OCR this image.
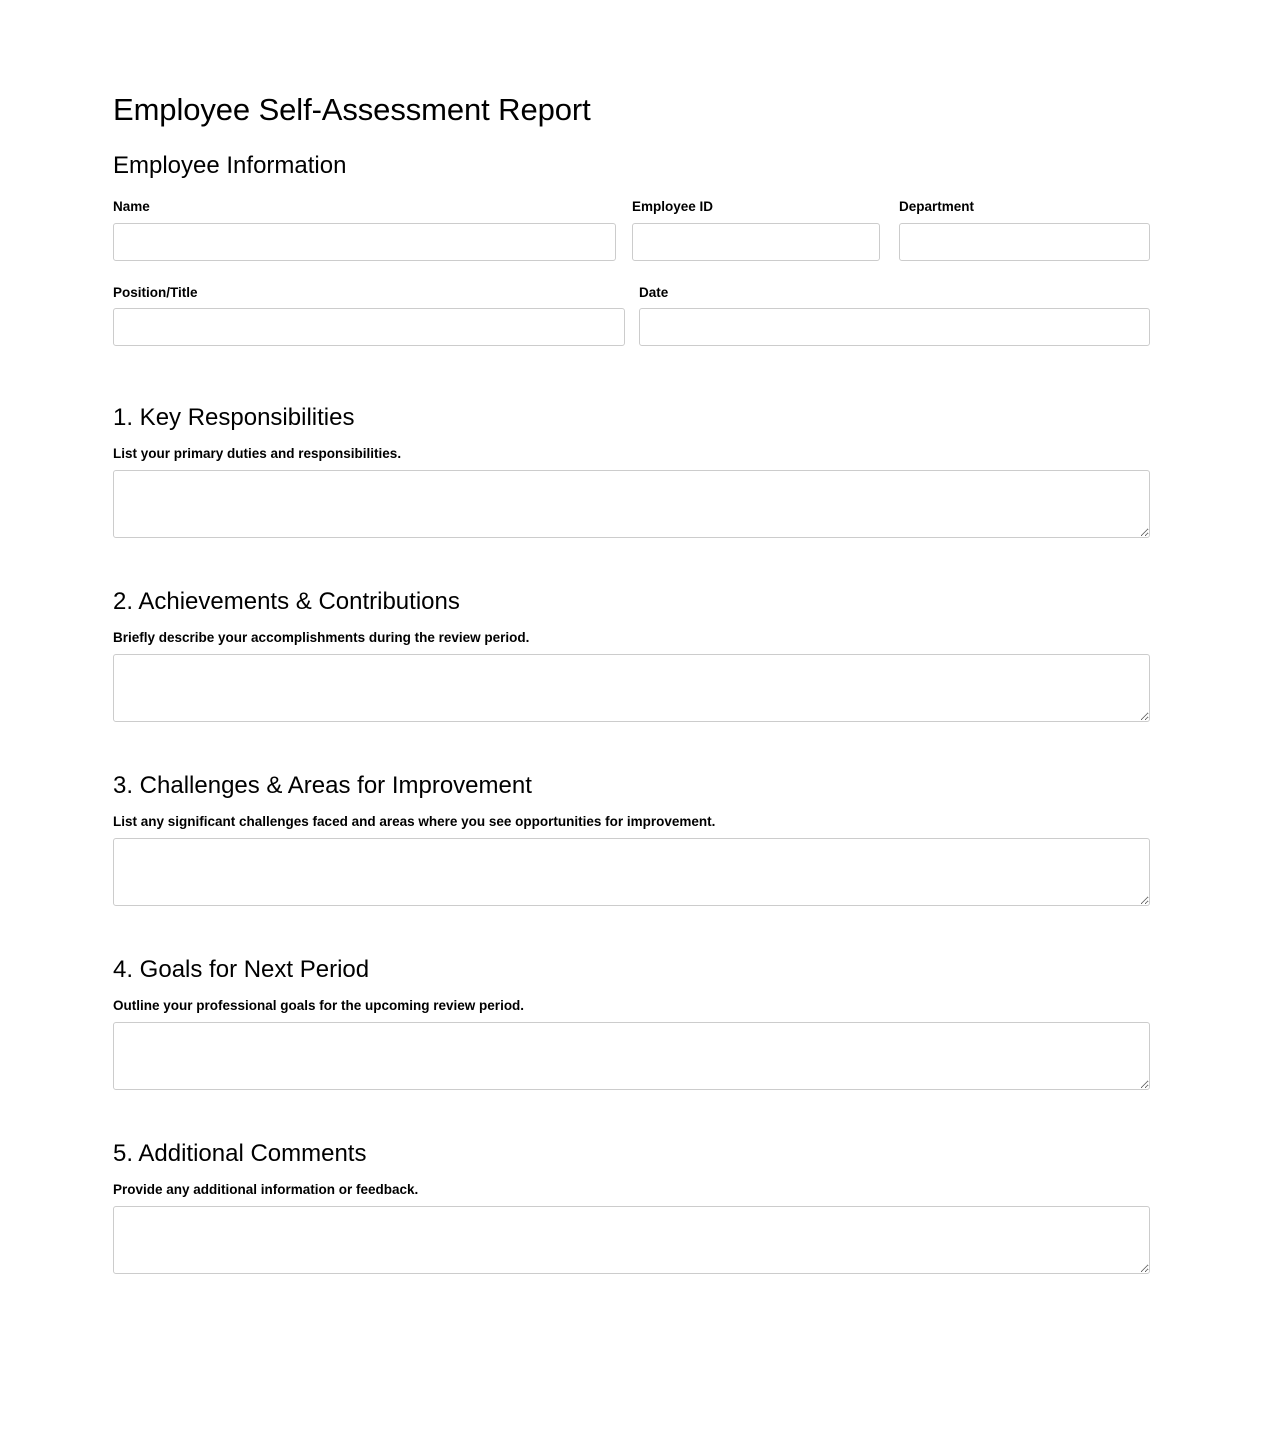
Employee Self-Assessment Report
Employee Information
Name	Employee ID	Department
Position/Title	Date
1. Key Responsibilities

List your primary duties and responsibilities.

2. Achievements & Contributions

Briefly describe your accomplishments during the review period.

3. Challenges & Areas for Improvement

List any significant challenges faced and areas where you see opportunities for improvement.

4. Goals for Next Period

Outline your professional goals for the upcoming review period.

5. Additional Comments

Provide any additional information or feedback.
